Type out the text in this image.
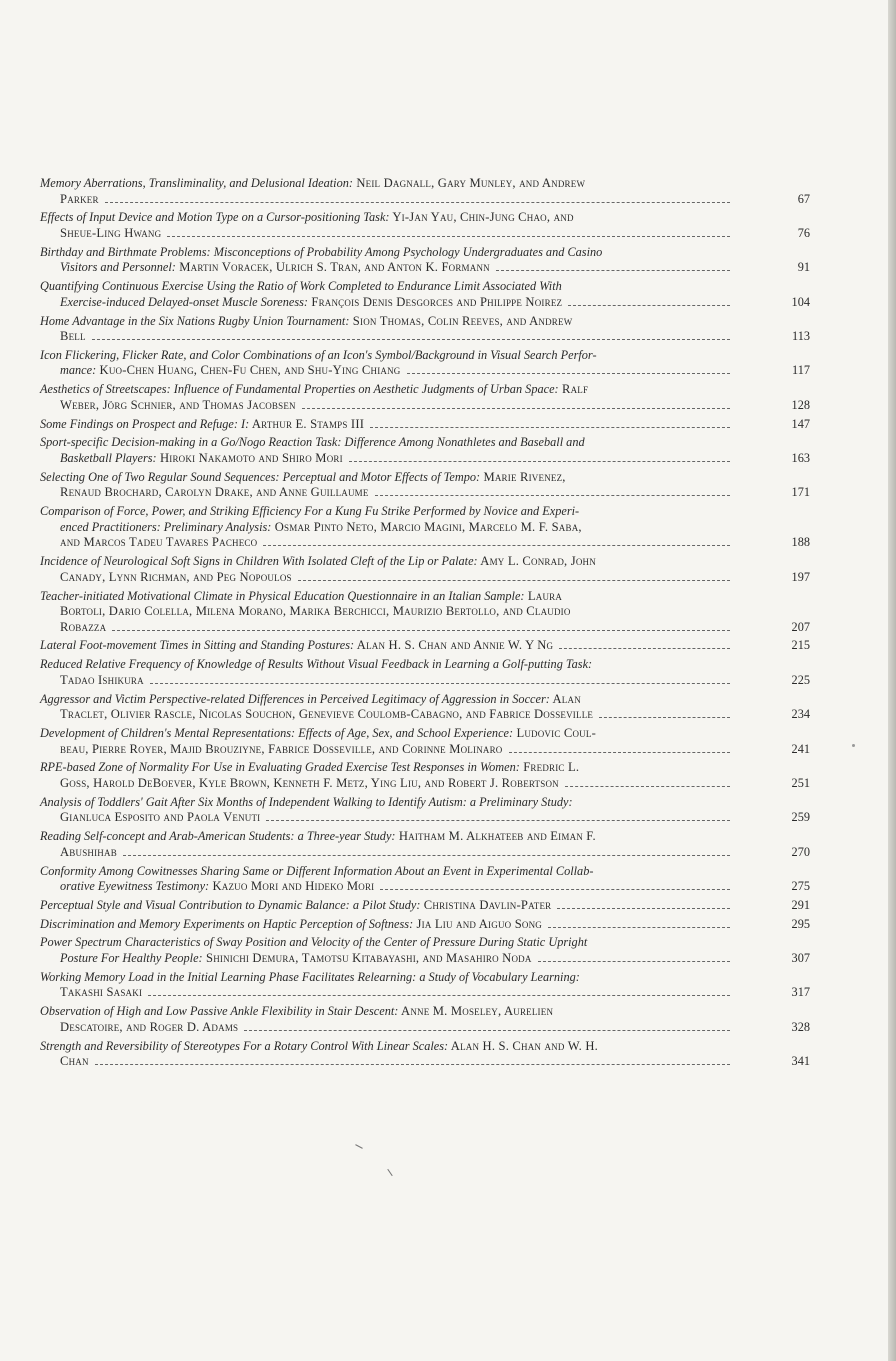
Memory Aberrations, Transliminality, and Delusional Ideation: Neil Dagnall, Gary Munley, and Andrew
Parker	67
Effects of Input Device and Motion Type on a Cursor-positioning Task: Yi-Jan Yau, Chin-Jung Chao, and
Sheue-Ling Hwang	76
Birthday and Birthmate Problems: Misconceptions of Probability Among Psychology Undergraduates and Casino
Visitors and Personnel: Martin Voracek, Ulrich S. Tran, and Anton K. Formann	91
Quantifying Continuous Exercise Using the Ratio of Work Completed to Endurance Limit Associated With
Exercise-induced Delayed-onset Muscle Soreness: François Denis Desgorces and Philippe Noirez	104
Home Advantage in the Six Nations Rugby Union Tournament: Sion Thomas, Colin Reeves, and Andrew
Bell	113
Icon Flickering, Flicker Rate, and Color Combinations of an Icon's Symbol/Background in Visual Search Perfor-
mance: Kuo-Chen Huang, Chen-Fu Chen, and Shu-Ying Chiang	117
Aesthetics of Streetscapes: Influence of Fundamental Properties on Aesthetic Judgments of Urban Space: Ralf
Weber, Jörg Schnier, and Thomas Jacobsen	128
Some Findings on Prospect and Refuge: I: Arthur E. Stamps III	147
Sport-specific Decision-making in a Go/Nogo Reaction Task: Difference Among Nonathletes and Baseball and
Basketball Players: Hiroki Nakamoto and Shiro Mori	163
Selecting One of Two Regular Sound Sequences: Perceptual and Motor Effects of Tempo: Marie Rivenez,
Renaud Brochard, Carolyn Drake, and Anne Guillaume	171
Comparison of Force, Power, and Striking Efficiency For a Kung Fu Strike Performed by Novice and Experi-
enced Practitioners: Preliminary Analysis: Osmar Pinto Neto, Marcio Magini, Marcelo M. F. Saba,
and Marcos Tadeu Tavares Pacheco	188
Incidence of Neurological Soft Signs in Children With Isolated Cleft of the Lip or Palate: Amy L. Conrad, John
Canady, Lynn Richman, and Peg Nopoulos	197
Teacher-initiated Motivational Climate in Physical Education Questionnaire in an Italian Sample: Laura
Bortoli, Dario Colella, Milena Morano, Marika Berchicci, Maurizio Bertollo, and Claudio
Robazza	207
Lateral Foot-movement Times in Sitting and Standing Postures: Alan H. S. Chan and Annie W. Y Ng	215
Reduced Relative Frequency of Knowledge of Results Without Visual Feedback in Learning a Golf-putting Task:
Tadao Ishikura	225
Aggressor and Victim Perspective-related Differences in Perceived Legitimacy of Aggression in Soccer: Alan
Traclet, Olivier Rascle, Nicolas Souchon, Genevieve Coulomb-Cabagno, and Fabrice Dosseville	234
Development of Children's Mental Representations: Effects of Age, Sex, and School Experience: Ludovic Coul-
beau, Pierre Royer, Majid Brouziyne, Fabrice Dosseville, and Corinne Molinaro	241
RPE-based Zone of Normality For Use in Evaluating Graded Exercise Test Responses in Women: Fredric L.
Goss, Harold DeBoever, Kyle Brown, Kenneth F. Metz, Ying Liu, and Robert J. Robertson	251
Analysis of Toddlers' Gait After Six Months of Independent Walking to Identify Autism: a Preliminary Study:
Gianluca Esposito and Paola Venuti	259
Reading Self-concept and Arab-American Students: a Three-year Study: Haitham M. Alkhateeb and Eiman F.
Abushihab	270
Conformity Among Cowitnesses Sharing Same or Different Information About an Event in Experimental Collab-
orative Eyewitness Testimony: Kazuo Mori and Hideko Mori	275
Perceptual Style and Visual Contribution to Dynamic Balance: a Pilot Study: Christina Davlin-Pater	291
Discrimination and Memory Experiments on Haptic Perception of Softness: Jia Liu and Aiguo Song	295
Power Spectrum Characteristics of Sway Position and Velocity of the Center of Pressure During Static Upright
Posture For Healthy People: Shinichi Demura, Tamotsu Kitabayashi, and Masahiro Noda	307
Working Memory Load in the Initial Learning Phase Facilitates Relearning: a Study of Vocabulary Learning:
Takashi Sasaki	317
Observation of High and Low Passive Ankle Flexibility in Stair Descent: Anne M. Moseley, Aurelien
Descatoire, and Roger D. Adams	328
Strength and Reversibility of Stereotypes For a Rotary Control With Linear Scales: Alan H. S. Chan and W. H.
Chan	341
